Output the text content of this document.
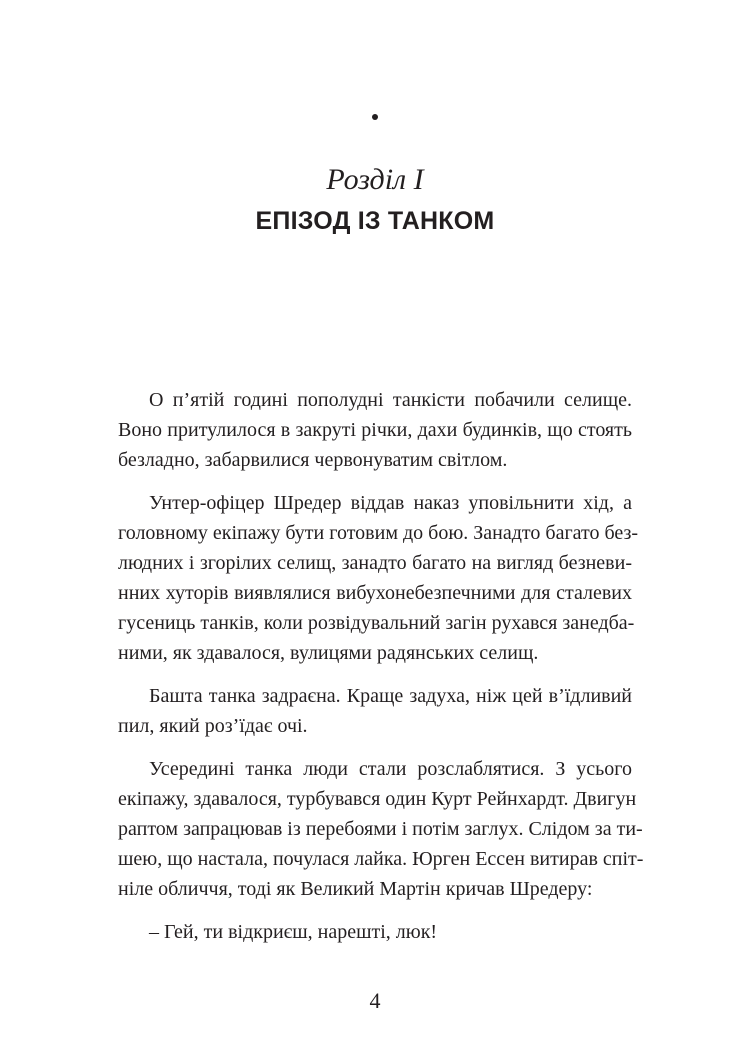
Розділ I
ЕПІЗОД ІЗ ТАНКОМ

О п’ятій годині пополудні танкісти побачили селище.
Воно притулилося в закруті річки, дахи будинків, що стоять
безладно, забарвилися червонуватим світлом.

Унтер-офіцер Шредер віддав наказ уповільнити хід, а
головному екіпажу бути готовим до бою. Занадто багато без-
людних і згорілих селищ, занадто багато на вигляд безневи-
нних хуторів виявлялися вибухонебезпечними для сталевих
гусениць танків, коли розвідувальний загін рухався занедба-
ними, як здавалося, вулицями радянських селищ.

Башта танка задраєна. Краще задуха, ніж цей в’їдливий
пил, який роз’їдає очі.

Усередині танка люди стали розслаблятися. З усього
екіпажу, здавалося, турбувався один Курт Рейнхардт. Двигун
раптом запрацював із перебоями і потім заглух. Слідом за ти-
шею, що настала, почулася лайка. Юрген Ессен витирав спіт-
ніле обличчя, тоді як Великий Мартін кричав Шредеру:

– Гей, ти відкриєш, нарешті, люк!

4
